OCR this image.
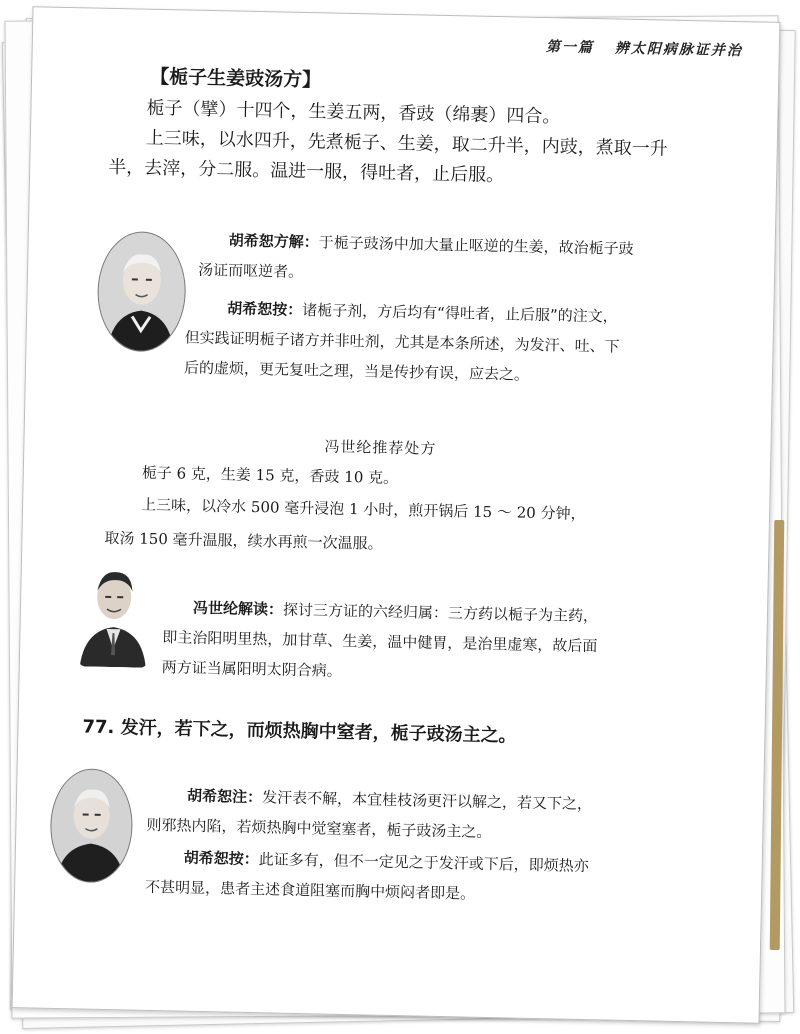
第一篇 辨太阳病脉证并治
【栀子生姜豉汤方】
栀子（擘）十四个，生姜五两，香豉（绵裹）四合。
上三味，以水四升，先煮栀子、生姜，取二升半，内豉，煮取一升
半，去滓，分二服。温进一服，得吐者，止后服。
胡希恕方解：于栀子豉汤中加大量止呕逆的生姜，故治栀子豉
汤证而呕逆者。
胡希恕按：诸栀子剂，方后均有“得吐者，止后服”的注文，
但实践证明栀子诸方并非吐剂，尤其是本条所述，为发汗、吐、下
后的虚烦，更无复吐之理，当是传抄有误，应去之。
冯世纶推荐处方
栀子 6 克，生姜 15 克，香豉 10 克。
上三味，以冷水 500 毫升浸泡 1 小时，煎开锅后 15 ～ 20 分钟，
取汤 150 毫升温服，续水再煎一次温服。
冯世纶解读：探讨三方证的六经归属：三方药以栀子为主药，
即主治阳明里热，加甘草、生姜，温中健胃，是治里虚寒，故后面
两方证当属阳明太阴合病。
77. 发汗，若下之，而烦热胸中窒者，栀子豉汤主之。
胡希恕注：发汗表不解，本宜桂枝汤更汗以解之，若又下之，
则邪热内陷，若烦热胸中觉窒塞者，栀子豉汤主之。
胡希恕按：此证多有，但不一定见之于发汗或下后，即烦热亦
不甚明显，患者主述食道阻塞而胸中烦闷者即是。
